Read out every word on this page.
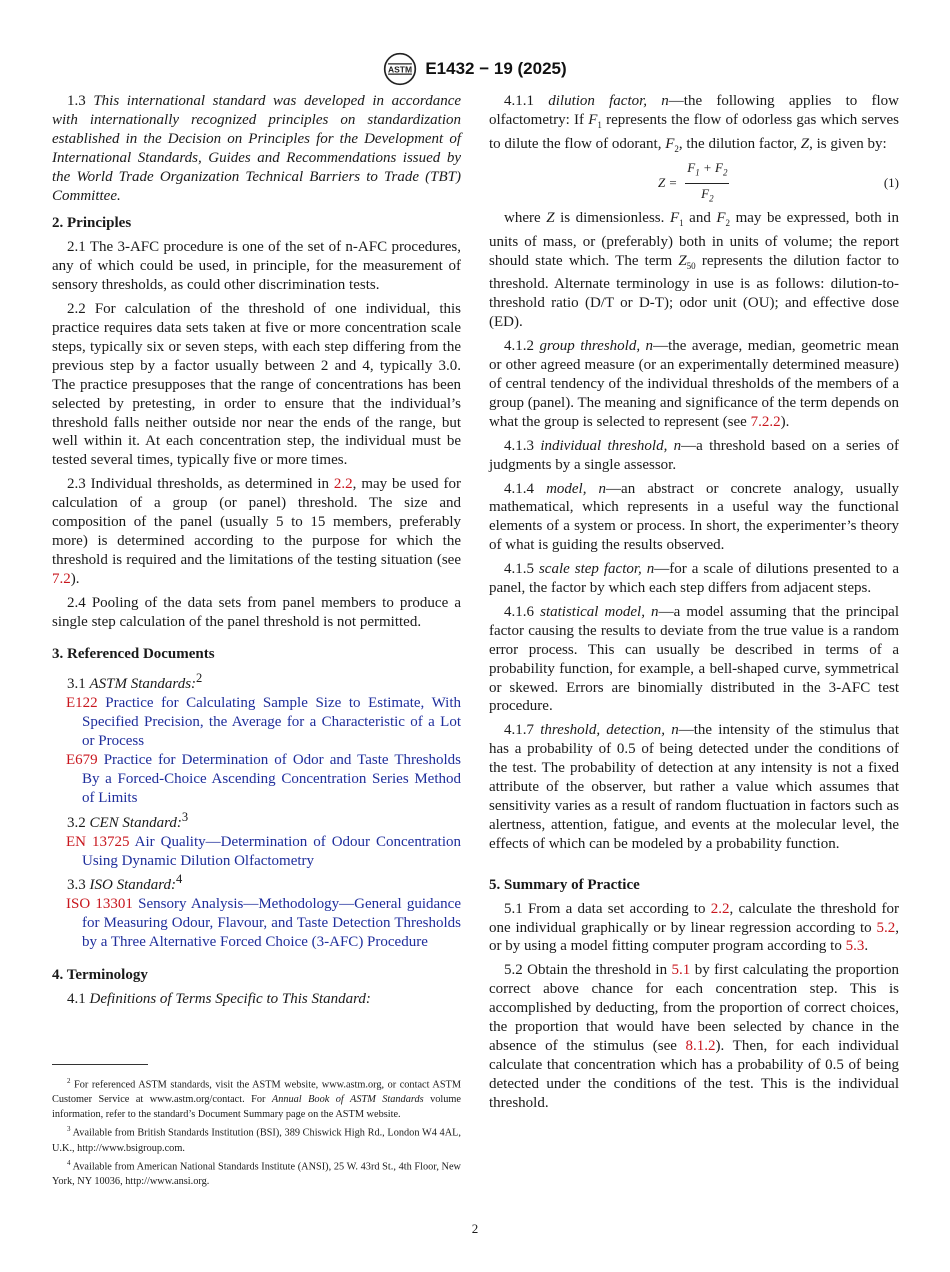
ASTM E1432 − 19 (2025)

1.3 This international standard was developed in accordance with internationally recognized principles on standardization established in the Decision on Principles for the Development of International Standards, Guides and Recommendations issued by the World Trade Organization Technical Barriers to Trade (TBT) Committee.

2. Principles

2.1 The 3-AFC procedure is one of the set of n-AFC procedures, any of which could be used, in principle, for the measurement of sensory thresholds, as could other discrimination tests.

2.2 For calculation of the threshold of one individual, this practice requires data sets taken at five or more concentration scale steps, typically six or seven steps, with each step differing from the previous step by a factor usually between 2 and 4, typically 3.0. The practice presupposes that the range of concentrations has been selected by pretesting, in order to ensure that the individual’s threshold falls neither outside nor near the ends of the range, but well within it. At each concentration step, the individual must be tested several times, typically five or more times.

2.3 Individual thresholds, as determined in 2.2, may be used for calculation of a group (or panel) threshold. The size and composition of the panel (usually 5 to 15 members, preferably more) is determined according to the purpose for which the threshold is required and the limitations of the testing situation (see 7.2).

2.4 Pooling of the data sets from panel members to produce a single step calculation of the panel threshold is not permitted.

3. Referenced Documents

3.1 ASTM Standards:$^2$

E122 Practice for Calculating Sample Size to Estimate, With Specified Precision, the Average for a Characteristic of a Lot or Process

E679 Practice for Determination of Odor and Taste Thresholds By a Forced-Choice Ascending Concentration Series Method of Limits

3.2 CEN Standard:$^3$

EN 13725 Air Quality—Determination of Odour Concentration Using Dynamic Dilution Olfactometry

3.3 ISO Standard:$^4$

ISO 13301 Sensory Analysis—Methodology—General guidance for Measuring Odour, Flavour, and Taste Detection Thresholds by a Three Alternative Forced Choice (3-AFC) Procedure

4. Terminology

4.1 Definitions of Terms Specific to This Standard:

$^2$ For referenced ASTM standards, visit the ASTM website, www.astm.org, or contact ASTM Customer Service at www.astm.org/contact. For Annual Book of ASTM Standards volume information, refer to the standard’s Document Summary page on the ASTM website.

$^3$ Available from British Standards Institution (BSI), 389 Chiswick High Rd., London W4 4AL, U.K., http://www.bsigroup.com.

$^4$ Available from American National Standards Institute (ANSI), 25 W. 43rd St., 4th Floor, New York, NY 10036, http://www.ansi.org.

4.1.1 dilution factor, n—the following applies to flow olfactometry: If $F_1$ represents the flow of odorless gas which serves to dilute the flow of odorant, $F_2$, the dilution factor, Z, is given by:

$Z = \frac{F_1 + F_2}{F_2}$	(1)

where Z is dimensionless. $F_1$ and $F_2$ may be expressed, both in units of mass, or (preferably) both in units of volume; the report should state which. The term $Z_{50}$ represents the dilution factor to threshold. Alternate terminology in use is as follows: dilution-to-threshold ratio (D/T or D-T); odor unit (OU); and effective dose (ED).

4.1.2 group threshold, n—the average, median, geometric mean or other agreed measure (or an experimentally determined measure) of central tendency of the individual thresholds of the members of a group (panel). The meaning and significance of the term depends on what the group is selected to represent (see 7.2.2).

4.1.3 individual threshold, n—a threshold based on a series of judgments by a single assessor.

4.1.4 model, n—an abstract or concrete analogy, usually mathematical, which represents in a useful way the functional elements of a system or process. In short, the experimenter’s theory of what is guiding the results observed.

4.1.5 scale step factor, n—for a scale of dilutions presented to a panel, the factor by which each step differs from adjacent steps.

4.1.6 statistical model, n—a model assuming that the principal factor causing the results to deviate from the true value is a random error process. This can usually be described in terms of a probability function, for example, a bell-shaped curve, symmetrical or skewed. Errors are binomially distributed in the 3-AFC test procedure.

4.1.7 threshold, detection, n—the intensity of the stimulus that has a probability of 0.5 of being detected under the conditions of the test. The probability of detection at any intensity is not a fixed attribute of the observer, but rather a value which assumes that sensitivity varies as a result of random fluctuation in factors such as alertness, attention, fatigue, and events at the molecular level, the effects of which can be modeled by a probability function.

5. Summary of Practice

5.1 From a data set according to 2.2, calculate the threshold for one individual graphically or by linear regression according to 5.2, or by using a model fitting computer program according to 5.3.

5.2 Obtain the threshold in 5.1 by first calculating the proportion correct above chance for each concentration step. This is accomplished by deducting, from the proportion of correct choices, the proportion that would have been selected by chance in the absence of the stimulus (see 8.1.2). Then, for each individual calculate that concentration which has a probability of 0.5 of being detected under the conditions of the test. This is the individual threshold.

2
